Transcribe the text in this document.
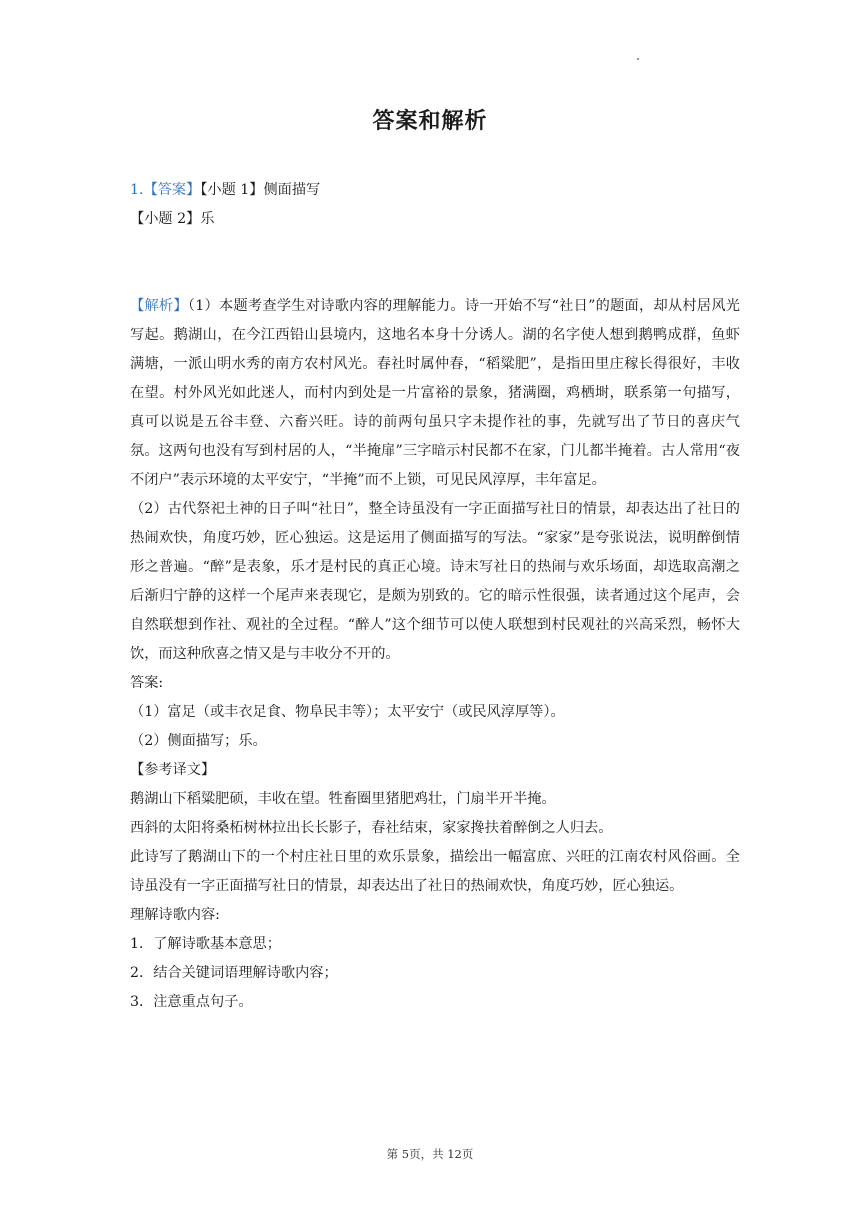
答案和解析

1.【答案】【小题 1】侧面描写

【小题 2】乐

【解析】（1）本题考查学生对诗歌内容的理解能力。诗一开始不写“社日”的题面，却从村居风光写起。鹅湖山，在今江西铅山县境内，这地名本身十分诱人。湖的名字使人想到鹅鸭成群，鱼虾满塘，一派山明水秀的南方农村风光。春社时属仲春，“稻粱肥”，是指田里庄稼长得很好，丰收在望。村外风光如此迷人，而村内到处是一片富裕的景象，猪满圈，鸡栖埘，联系第一句描写，真可以说是五谷丰登、六畜兴旺。诗的前两句虽只字未提作社的事，先就写出了节日的喜庆气氛。这两句也没有写到村居的人，“半掩扉”三字暗示村民都不在家，门儿都半掩着。古人常用“夜不闭户”表示环境的太平安宁，“半掩”而不上锁，可见民风淳厚，丰年富足。

（2）古代祭祀土神的日子叫“社日”，整全诗虽没有一字正面描写社日的情景，却表达出了社日的热闹欢快，角度巧妙，匠心独运。这是运用了侧面描写的写法。“家家”是夸张说法，说明醉倒情形之普遍。“醉”是表象，乐才是村民的真正心境。诗末写社日的热闹与欢乐场面，却选取高潮之后渐归宁静的这样一个尾声来表现它，是颇为别致的。它的暗示性很强，读者通过这个尾声，会自然联想到作社、观社的全过程。“醉人”这个细节可以使人联想到村民观社的兴高采烈，畅怀大饮，而这种欣喜之情又是与丰收分不开的。

答案:

（1）富足（或丰衣足食、物阜民丰等）；太平安宁（或民风淳厚等）。

（2）侧面描写；乐。

【参考译文】

鹅湖山下稻粱肥硕，丰收在望。牲畜圈里猪肥鸡壮，门扇半开半掩。

西斜的太阳将桑柘树林拉出长长影子，春社结束，家家搀扶着醉倒之人归去。

此诗写了鹅湖山下的一个村庄社日里的欢乐景象，描绘出一幅富庶、兴旺的江南农村风俗画。全诗虽没有一字正面描写社日的情景，却表达出了社日的热闹欢快，角度巧妙，匠心独运。

理解诗歌内容:

1．了解诗歌基本意思；

2．结合关键词语理解诗歌内容；

3．注意重点句子。

第 5页，共 12页
